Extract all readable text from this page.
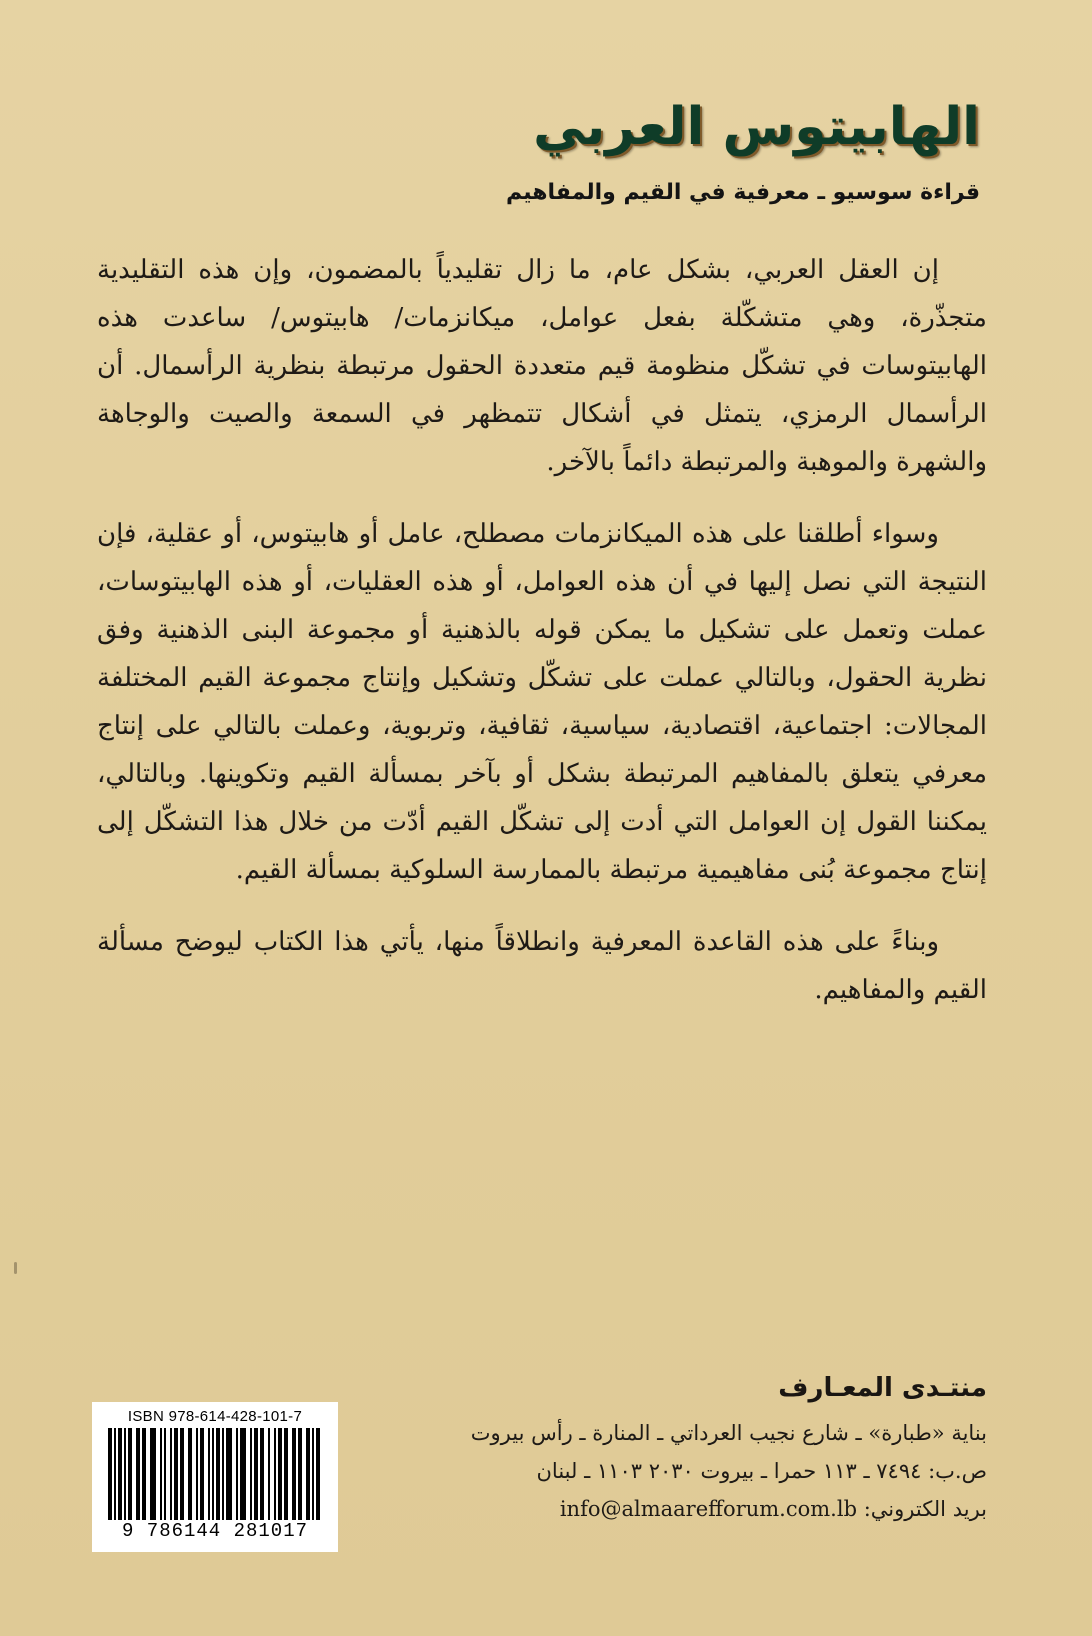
الهابيتوس العربي
قراءة سوسيو ـ معرفية في القيم والمفاهيم

إن العقل العربي، بشكل عام، ما زال تقليدياً بالمضمون، وإن هذه التقليدية متجذّرة، وهي متشكّلة بفعل عوامل، ميكانزمات/ هابيتوس/ ساعدت هذه الهابيتوسات في تشكّل منظومة قيم متعددة الحقول مرتبطة بنظرية الرأسمال. أن الرأسمال الرمزي، يتمثل في أشكال تتمظهر في السمعة والصيت والوجاهة والشهرة والموهبة والمرتبطة دائماً بالآخر.

وسواء أطلقنا على هذه الميكانزمات مصطلح، عامل أو هابيتوس، أو عقلية، فإن النتيجة التي نصل إليها في أن هذه العوامل، أو هذه العقليات، أو هذه الهابيتوسات، عملت وتعمل على تشكيل ما يمكن قوله بالذهنية أو مجموعة البنى الذهنية وفق نظرية الحقول، وبالتالي عملت على تشكّل وتشكيل وإنتاج مجموعة القيم المختلفة المجالات: اجتماعية، اقتصادية، سياسية، ثقافية، وتربوية، وعملت بالتالي على إنتاج معرفي يتعلق بالمفاهيم المرتبطة بشكل أو بآخر بمسألة القيم وتكوينها. وبالتالي، يمكننا القول إن العوامل التي أدت إلى تشكّل القيم أدّت من خلال هذا التشكّل إلى إنتاج مجموعة بُنى مفاهيمية مرتبطة بالممارسة السلوكية بمسألة القيم.

وبناءً على هذه القاعدة المعرفية وانطلاقاً منها، يأتي هذا الكتاب ليوضح مسألة القيم والمفاهيم.

منتـدى المعـارف

بناية «طبارة» ـ شارع نجيب العرداتي ـ المنارة ـ رأس بيروت

ص.ب: ٧٤٩٤ ـ ١١٣ حمرا ـ بيروت ٢٠٣٠ ١١٠٣ ـ لبنان

بريد الكتروني: info@almaarefforum.com.lb

ISBN 978-614-428-101-7
9 786144 281017
